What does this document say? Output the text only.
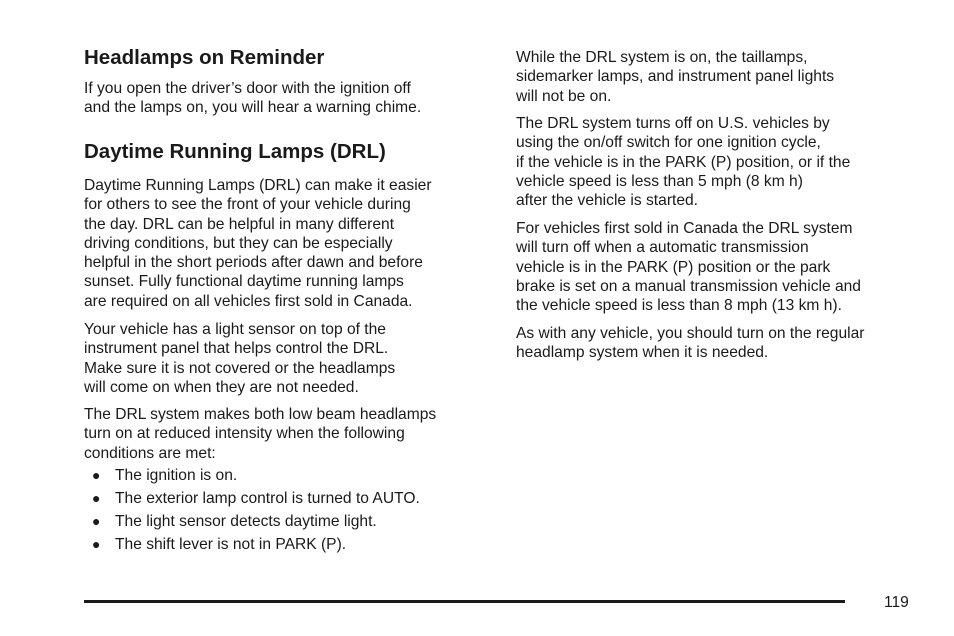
Headlamps on Reminder

If you open the driver’s door with the ignition off
and the lamps on, you will hear a warning chime.

Daytime Running Lamps (DRL)

Daytime Running Lamps (DRL) can make it easier
for others to see the front of your vehicle during
the day. DRL can be helpful in many different
driving conditions, but they can be especially
helpful in the short periods after dawn and before
sunset. Fully functional daytime running lamps
are required on all vehicles first sold in Canada.

Your vehicle has a light sensor on top of the
instrument panel that helps control the DRL.
Make sure it is not covered or the headlamps
will come on when they are not needed.

The DRL system makes both low beam headlamps
turn on at reduced intensity when the following
conditions are met:

● The ignition is on.
● The exterior lamp control is turned to AUTO.
● The light sensor detects daytime light.
● The shift lever is not in PARK (P).

While the DRL system is on, the taillamps,
sidemarker lamps, and instrument panel lights
will not be on.

The DRL system turns off on U.S. vehicles by
using the on/off switch for one ignition cycle,
if the vehicle is in the PARK (P) position, or if the
vehicle speed is less than 5 mph (8 km h)
after the vehicle is started.

For vehicles first sold in Canada the DRL system
will turn off when a automatic transmission
vehicle is in the PARK (P) position or the park
brake is set on a manual transmission vehicle and
the vehicle speed is less than 8 mph (13 km h).

As with any vehicle, you should turn on the regular
headlamp system when it is needed.

119
